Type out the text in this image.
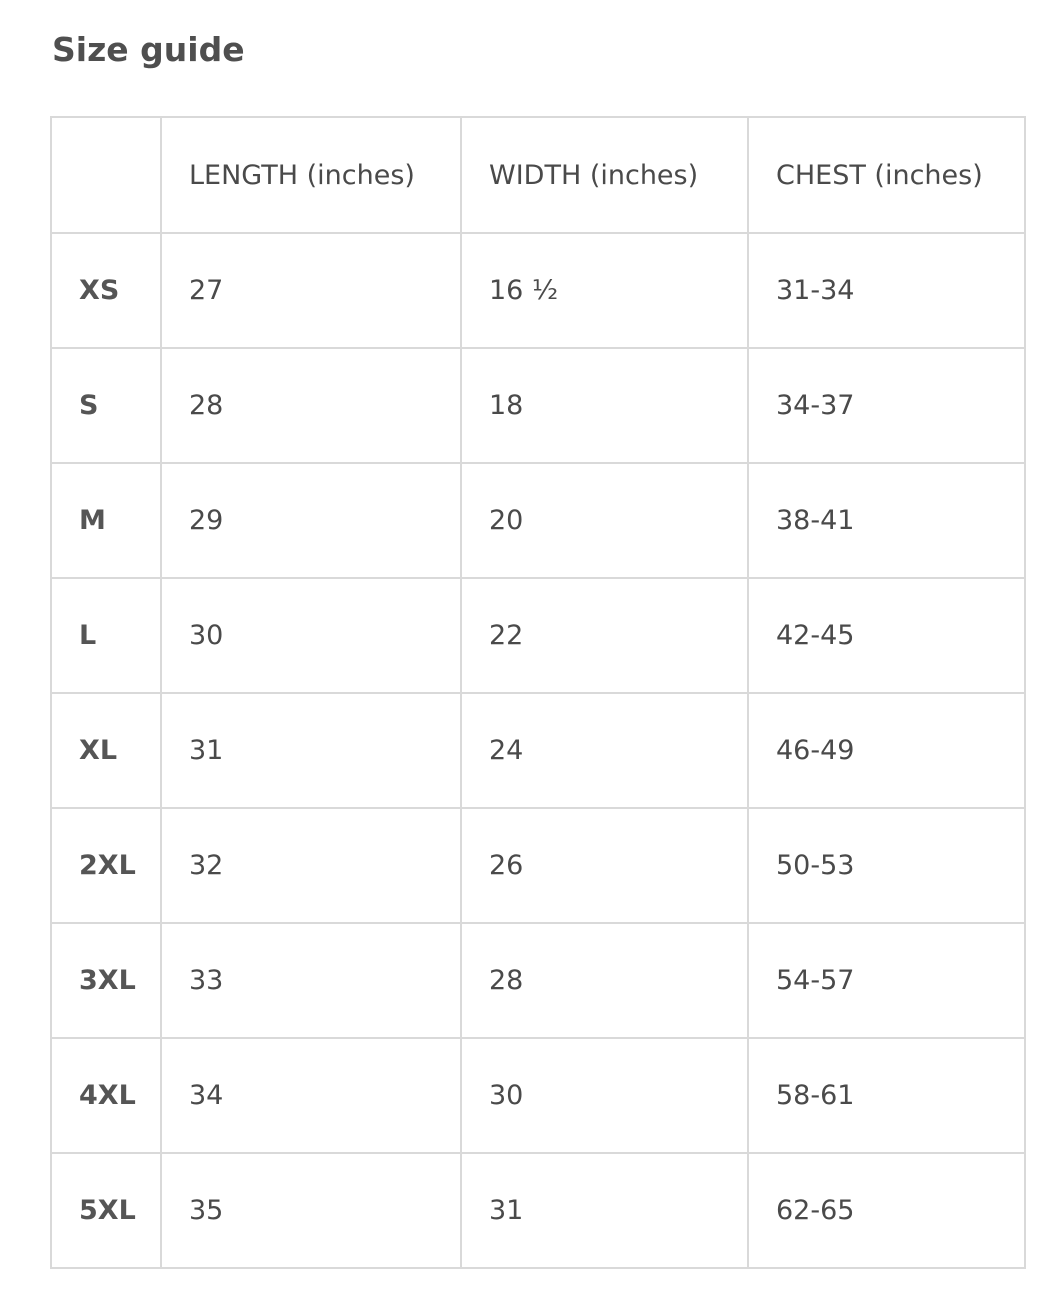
Size guide
	LENGTH (inches)	WIDTH (inches)	CHEST (inches)
XS	27	16 ½	31-34
S	28	18	34-37
M	29	20	38-41
L	30	22	42-45
XL	31	24	46-49
2XL	32	26	50-53
3XL	33	28	54-57
4XL	34	30	58-61
5XL	35	31	62-65
